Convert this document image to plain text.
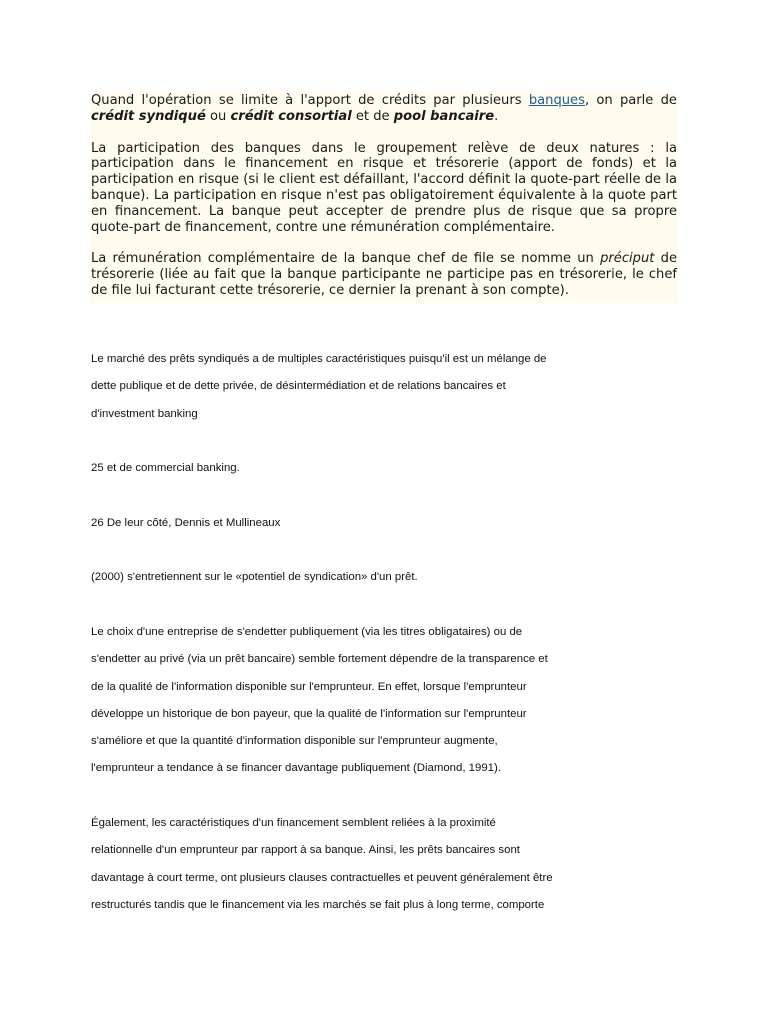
Quand l'opération se limite à l'apport de crédits par plusieurs banques, on parle de crédit syndiqué ou crédit consortial et de pool bancaire.

La participation des banques dans le groupement relève de deux natures : la participation dans le financement en risque et trésorerie (apport de fonds) et la participation en risque (si le client est défaillant, l'accord définit la quote-part réelle de la banque). La participation en risque n'est pas obligatoirement équivalente à la quote part en financement. La banque peut accepter de prendre plus de risque que sa propre quote-part de financement, contre une rémunération complémentaire.

La rémunération complémentaire de la banque chef de file se nomme un préciput de trésorerie (liée au fait que la banque participante ne participe pas en trésorerie, le chef de file lui facturant cette trésorerie, ce dernier la prenant à son compte).

Le marché des prêts syndiqués a de multiples caractéristiques puisqu'il est un mélange de

dette publique et de dette privée, de désintermédiation et de relations bancaires et

d'investment banking

25 et de commercial banking.

26 De leur côté, Dennis et Mullineaux

(2000) s'entretiennent sur le «potentiel de syndication» d'un prêt.

Le choix d'une entreprise de s'endetter publiquement (via les titres obligataires) ou de

s'endetter au privé (via un prêt bancaire) semble fortement dépendre de la transparence et

de la qualité de l'information disponible sur l'emprunteur. En effet, lorsque l'emprunteur

développe un historique de bon payeur, que la qualité de l'information sur l'emprunteur

s'améliore et que la quantité d'information disponible sur l'emprunteur augmente,

l'emprunteur a tendance à se financer davantage publiquement (Diamond, 1991).

Également, les caractéristiques d'un financement semblent reliées à la proximité

relationnelle d'un emprunteur par rapport à sa banque. Ainsi, les prêts bancaires sont

davantage à court terme, ont plusieurs clauses contractuelles et peuvent généralement être

restructurés tandis que le financement via les marchés se fait plus à long terme, comporte
